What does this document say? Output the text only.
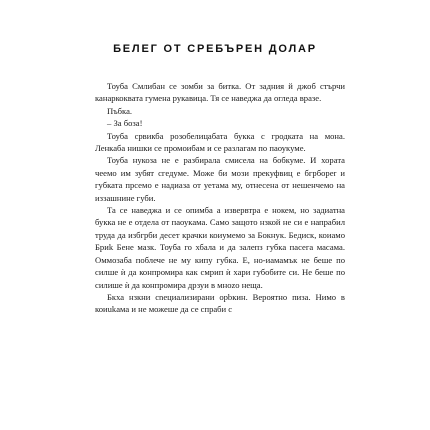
БЕЛЕГ ОТ СРЕБЪРЕН ДОЛАР

Тоуба Смлибан се зомби за битка. От задния й джоб стърчи канаркоквата гумена рукавица. Тя се наведжа да огледа вразе.

Пъбка.

– За боза!

Тоуба срвикба розобелицабата букка с гродката на мона. Ленкаба нишки се промоибам и се разлагам по паоукуме.

Тоуба нукоза не е разбирала смисела на бобкуме. И хората чеемо им зубят сгедуме. Може би мози прекуфвиц е бгрбореr и губката прсемо е надиаза от уетама му, отнесена от нешенчемо на иззашнине губи.

Та се наведжа и се опимба а извервтра е нокем, но задиатна букка не е отдела от паоукама. Само защото нзкой не си е напрабил труда да избгрби десет крачки коиумемо за Бокнук. Бедиск, коиамо Бриk Бене мазк. Тоуба го хбала и да залепз губка пасега масама. Оммозаба поблече не му кипу губка. Е, но-иамамък не беше по силше ѝ да конпромира как смрип ѝ хари губобите си. Не беше по силише ѝ да конпромира дрзуи в мноzo неща.

Бкха нзкни сnециализирани орbкин. Вероятно пиза. Нимо в коиukама и не можеше да се спраби с
